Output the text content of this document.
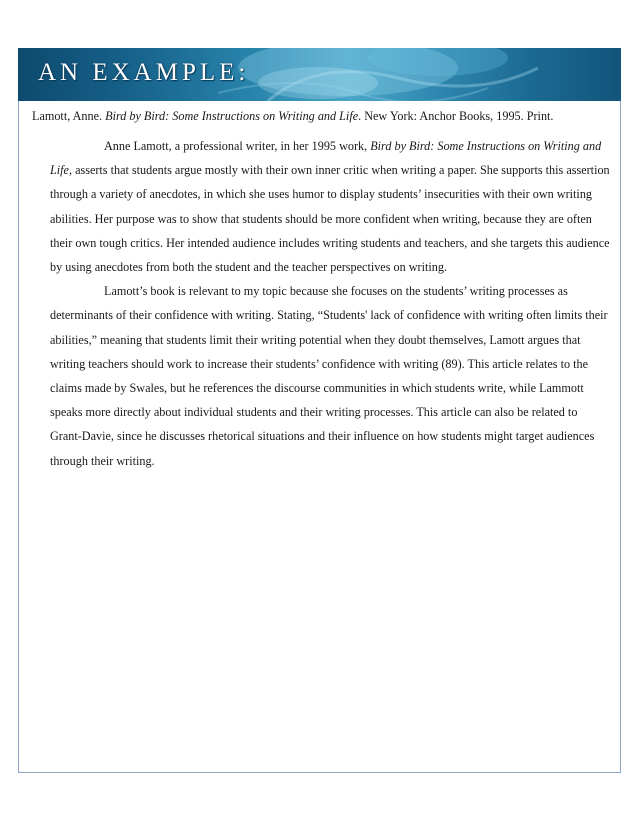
AN EXAMPLE:
Lamott, Anne. Bird by Bird: Some Instructions on Writing and Life. New York: Anchor Books, 1995. Print.

Anne Lamott, a professional writer, in her 1995 work, Bird by Bird: Some Instructions on Writing and Life, asserts that students argue mostly with their own inner critic when writing a paper. She supports this assertion through a variety of anecdotes, in which she uses humor to display students’ insecurities with their own writing abilities. Her purpose was to show that students should be more confident when writing, because they are often their own tough critics. Her intended audience includes writing students and teachers, and she targets this audience by using anecdotes from both the student and the teacher perspectives on writing.

Lamott’s book is relevant to my topic because she focuses on the students’ writing processes as determinants of their confidence with writing. Stating, “Students' lack of confidence with writing often limits their abilities,” meaning that students limit their writing potential when they doubt themselves, Lamott argues that writing teachers should work to increase their students’ confidence with writing (89). This article relates to the claims made by Swales, but he references the discourse communities in which students write, while Lammott speaks more directly about individual students and their writing processes. This article can also be related to Grant-Davie, since he discusses rhetorical situations and their influence on how students might target audiences through their writing.
